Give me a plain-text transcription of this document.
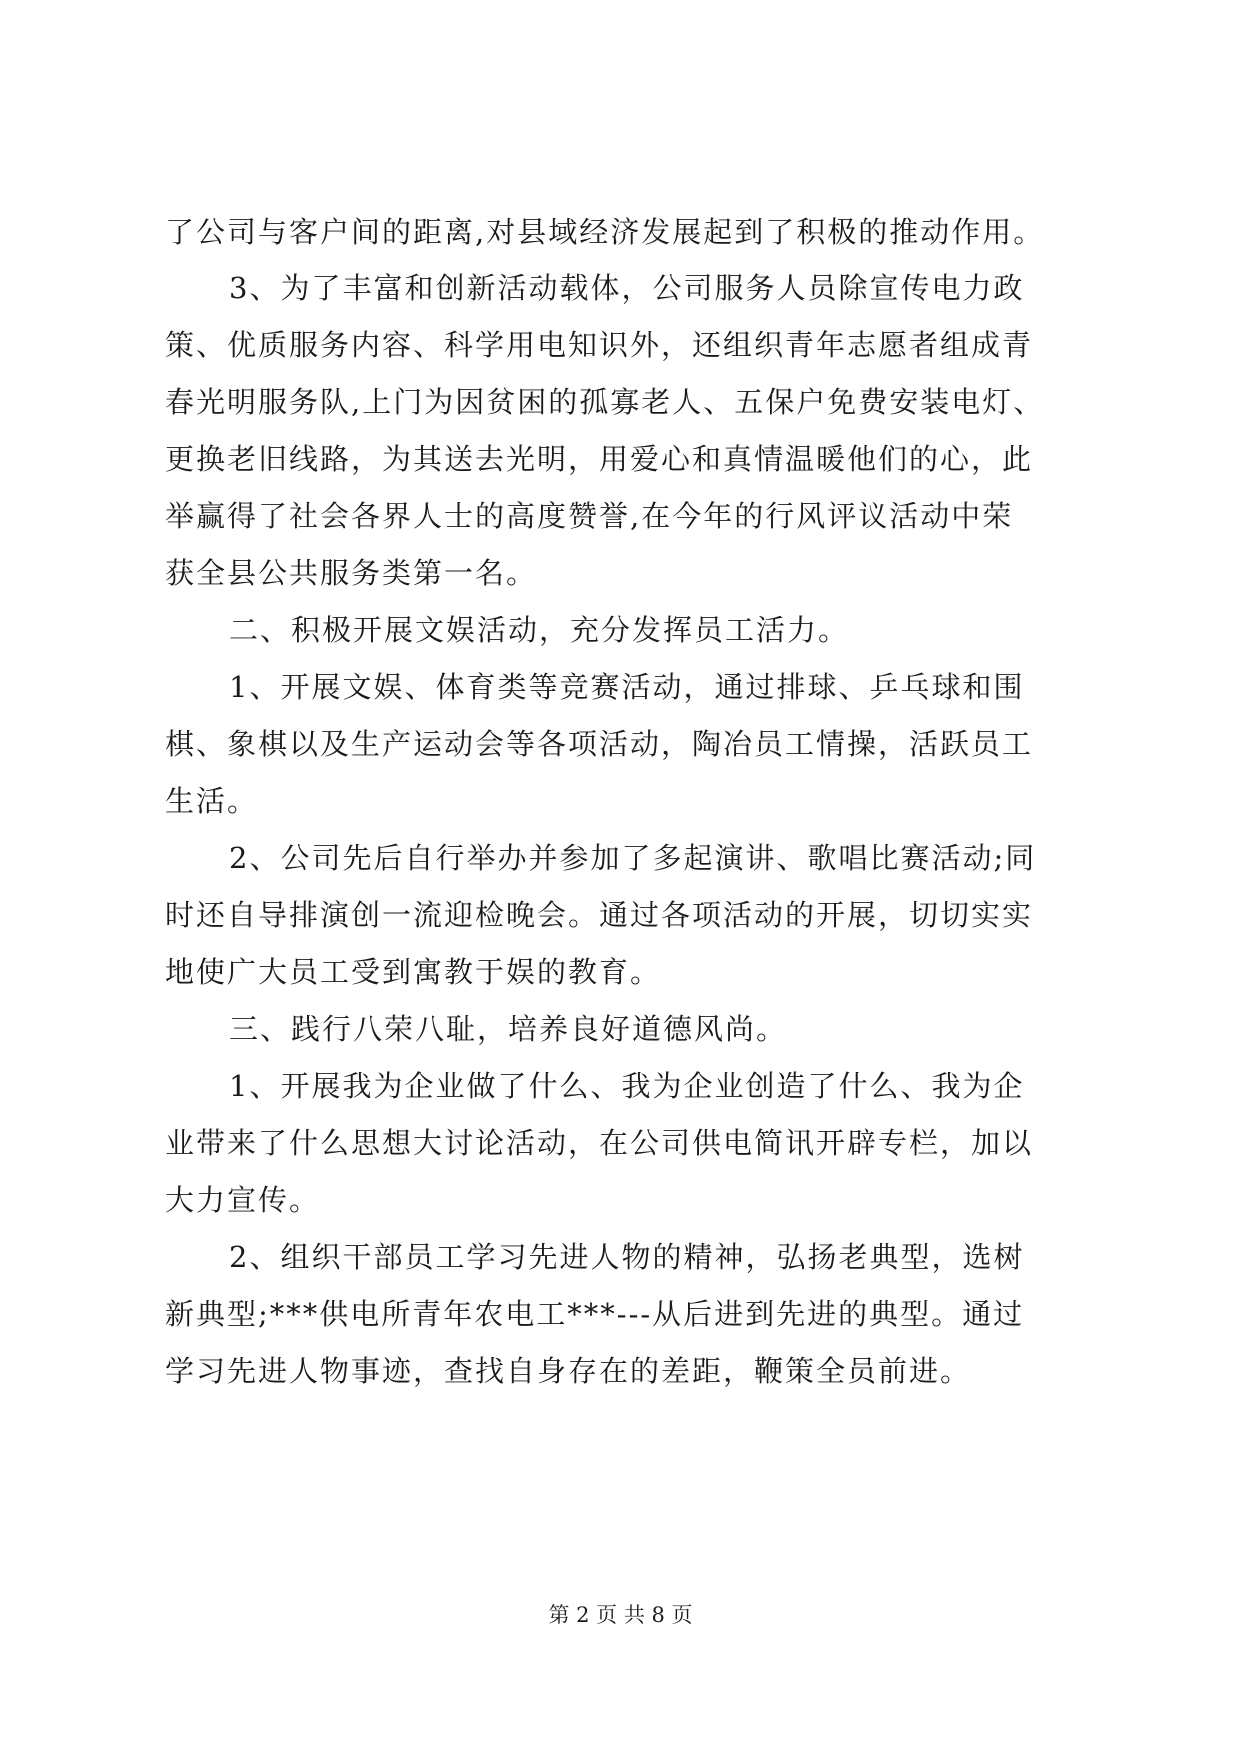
了公司与客户间的距离,对县域经济发展起到了积极的推动作用。
3、为了丰富和创新活动载体，公司服务人员除宣传电力政
策、优质服务内容、科学用电知识外，还组织青年志愿者组成青
春光明服务队,上门为因贫困的孤寡老人、五保户免费安装电灯、
更换老旧线路，为其送去光明，用爱心和真情温暖他们的心，此
举赢得了社会各界人士的高度赞誉,在今年的行风评议活动中荣
获全县公共服务类第一名。
二、积极开展文娱活动，充分发挥员工活力。
1、开展文娱、体育类等竞赛活动，通过排球、乒乓球和围
棋、象棋以及生产运动会等各项活动，陶冶员工情操，活跃员工
生活。
2、公司先后自行举办并参加了多起演讲、歌唱比赛活动;同
时还自导排演创一流迎检晚会。通过各项活动的开展，切切实实
地使广大员工受到寓教于娱的教育。
三、践行八荣八耻，培养良好道德风尚。
1、开展我为企业做了什么、我为企业创造了什么、我为企
业带来了什么思想大讨论活动，在公司供电简讯开辟专栏，加以
大力宣传。
2、组织干部员工学习先进人物的精神，弘扬老典型，选树
新典型;***供电所青年农电工***---从后进到先进的典型。通过
学习先进人物事迹，查找自身存在的差距，鞭策全员前进。
第 2 页 共 8 页
